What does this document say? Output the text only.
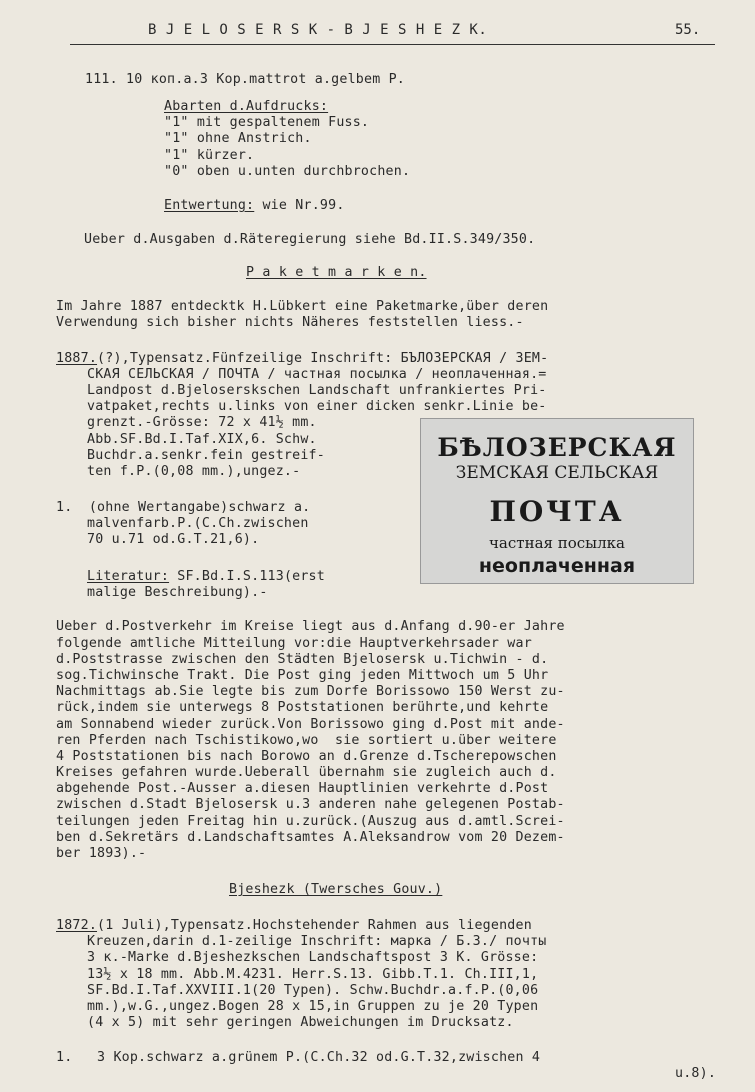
B J E L O S E R S K - B J E S H E Z K.	55.
111. 10 коп.a.3 Kop.mattrot a.gelbem P.
Abarten d.Aufdrucks:
"1" mit gespaltenem Fuss.
"1" ohne Anstrich.
"1" kürzer.
"0" oben u.unten durchbrochen.
Entwertung: wie Nr.99.
Ueber d.Ausgaben d.Räteregierung siehe Bd.II.S.349/350.
P a k e t m a r k e n.
Im Jahre 1887 entdecktk H.Lübkert eine Paketmarke,über deren
Verwendung sich bisher nichts Näheres feststellen liess.-
1887.(?),Typensatz.Fünfzeilige Inschrift: БЪЛОЗЕРСКАЯ / ЗЕМ-
СКАЯ СЕЛЬСКАЯ / ПОЧТА / частная посылка / неоплаченная.=
Landpost d.Bjeloserskschen Landschaft unfrankiertes Pri-
vatpaket,rechts u.links von einer dicken senkr.Linie be-
grenzt.-Grösse: 72 x 41½ mm.
Abb.SF.Bd.I.Taf.XIX,6. Schw.
Buchdr.a.senkr.fein gestreif-
ten f.P.(0,08 mm.),ungez.-
1.  (ohne Wertangabe)schwarz a.
malvenfarb.P.(C.Ch.zwischen
70 u.71 od.G.T.21,6).
Literatur: SF.Bd.I.S.113(erst
malige Beschreibung).-
БѢЛОЗЕРСКАЯ
ЗЕМСКАЯ СЕЛЬСКАЯ
ПОЧТА
частная посылка
неоплаченная
Ueber d.Postverkehr im Kreise liegt aus d.Anfang d.90-er Jahre
folgende amtliche Mitteilung vor:die Hauptverkehrsader war
d.Poststrasse zwischen den Städten Bjelosersk u.Tichwin - d.
sog.Tichwinsche Trakt. Die Post ging jeden Mittwoch um 5 Uhr
Nachmittags ab.Sie legte bis zum Dorfe Borissowo 150 Werst zu-
rück,indem sie unterwegs 8 Poststationen berührte,und kehrte
am Sonnabend wieder zurück.Von Borissowo ging d.Post mit ande-
ren Pferden nach Tschistikowo,wo  sie sortiert u.über weitere
4 Poststationen bis nach Borowo an d.Grenze d.Tscherepowschen
Kreises gefahren wurde.Ueberall übernahm sie zugleich auch d.
abgehende Post.-Ausser a.diesen Hauptlinien verkehrte d.Post
zwischen d.Stadt Bjelosersk u.3 anderen nahe gelegenen Postab-
teilungen jeden Freitag hin u.zurück.(Auszug aus d.amtl.Screi-
ben d.Sekretärs d.Landschaftsamtes A.Aleksandrow vom 20 Dezem-
ber 1893).-
Bjeshezk (Twersches Gouv.)
1872.(1 Juli),Typensatz.Hochstehender Rahmen aus liegenden
Kreuzen,darin d.1-zeilige Inschrift: марка / Б.З./ почты
3 к.-Marke d.Bjeshezkschen Landschaftspost 3 K. Grösse:
13½ x 18 mm. Abb.M.4231. Herr.S.13. Gibb.T.1. Ch.III,1,
SF.Bd.I.Taf.XXVIII.1(20 Typen). Schw.Buchdr.a.f.P.(0,06
mm.),w.G.,ungez.Bogen 28 x 15,in Gruppen zu je 20 Typen
(4 x 5) mit sehr geringen Abweichungen im Drucksatz.
1.   3 Kop.schwarz a.grünem P.(C.Ch.32 od.G.T.32,zwischen 4
u.8).
